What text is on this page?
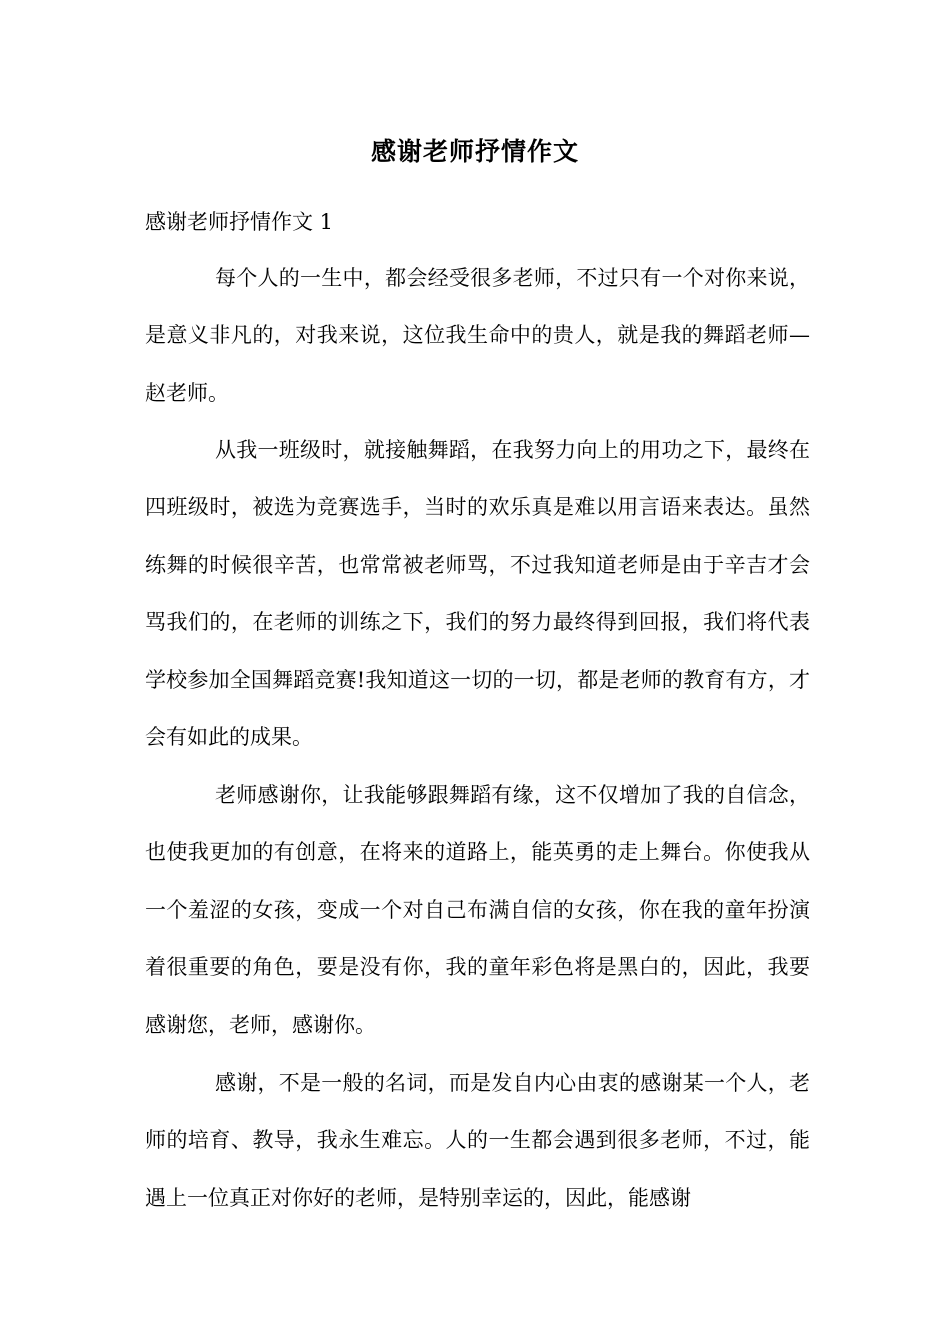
感谢老师抒情作文
感谢老师抒情作文 1

每个人的一生中，都会经受很多老师，不过只有一个对你来说，是意义非凡的，对我来说，这位我生命中的贵人，就是我的舞蹈老师—赵老师。

从我一班级时，就接触舞蹈，在我努力向上的用功之下，最终在四班级时，被选为竞赛选手，当时的欢乐真是难以用言语来表达。虽然练舞的时候很辛苦，也常常被老师骂，不过我知道老师是由于辛吉才会骂我们的，在老师的训练之下，我们的努力最终得到回报，我们将代表学校参加全国舞蹈竞赛!我知道这一切的一切，都是老师的教育有方，才会有如此的成果。

老师感谢你，让我能够跟舞蹈有缘，这不仅增加了我的自信念，也使我更加的有创意，在将来的道路上，能英勇的走上舞台。你使我从一个羞涩的女孩，变成一个对自己布满自信的女孩，你在我的童年扮演着很重要的角色，要是没有你，我的童年彩色将是黑白的，因此，我要感谢您，老师，感谢你。

感谢，不是一般的名词，而是发自内心由衷的感谢某一个人，老师的培育、教导，我永生难忘。人的一生都会遇到很多老师，不过，能遇上一位真正对你好的老师，是特别幸运的，因此，能感谢
